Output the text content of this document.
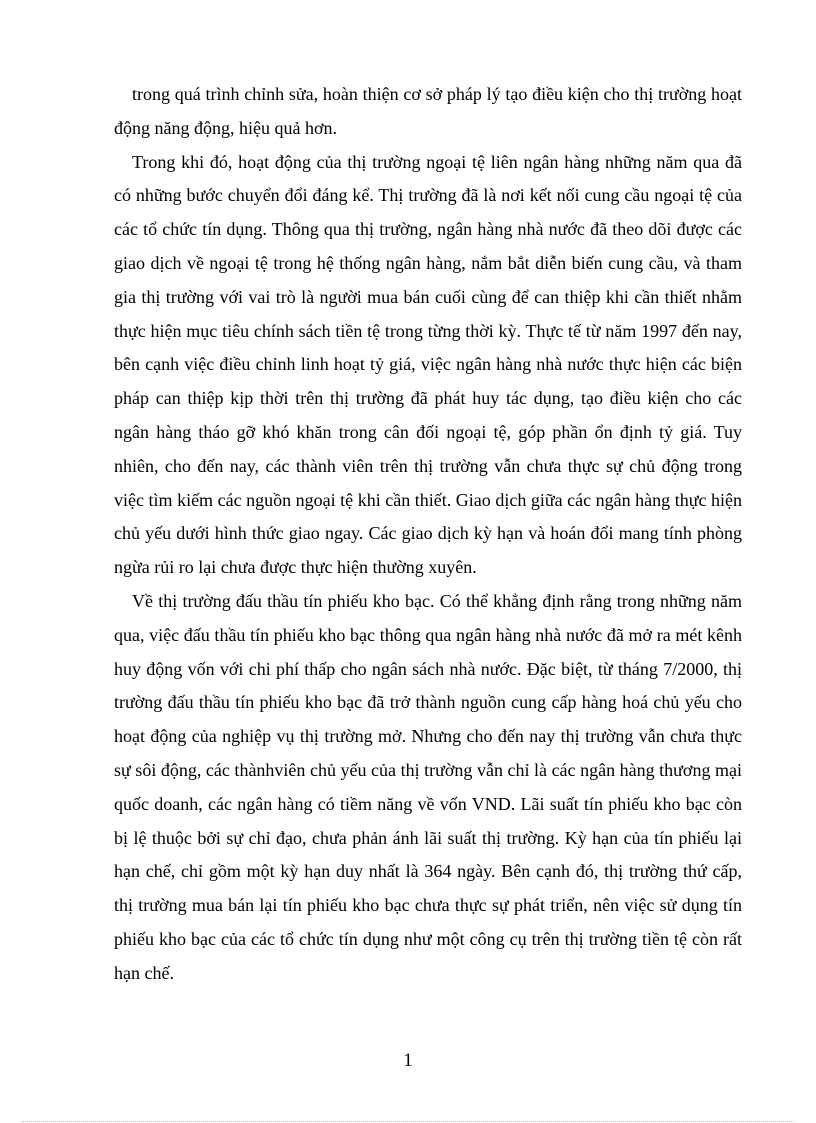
trong quá trình chỉnh sửa, hoàn thiện cơ sở pháp lý tạo điều kiện cho thị trường hoạt động năng động, hiệu quả hơn.

Trong khi đó, hoạt động của thị trường ngoại tệ liên ngân hàng những năm qua đã có những bước chuyển đổi đáng kể. Thị trường đã là nơi kết nối cung cầu ngoại tệ của các tổ chức tín dụng. Thông qua thị trường, ngân hàng nhà nước đã theo dõi được các giao dịch về ngoại tệ trong hệ thống ngân hàng, nắm bắt diễn biến cung cầu, và tham gia thị trường với vai trò là người mua bán cuối cùng để can thiệp khi cần thiết nhằm thực hiện mục tiêu chính sách tiền tệ trong từng thời kỳ. Thực tế từ năm 1997 đến nay, bên cạnh việc điều chỉnh linh hoạt tỷ giá, việc ngân hàng nhà nước thực hiện các biện pháp can thiệp kịp thời trên thị trường đã phát huy tác dụng, tạo điều kiện cho các ngân hàng tháo gỡ khó khăn trong cân đối ngoại tệ, góp phần ổn định tỷ giá. Tuy nhiên, cho đến nay, các thành viên trên thị trường vẫn chưa thực sự chủ động trong việc tìm kiếm các nguồn ngoại tệ khi cần thiết. Giao dịch giữa các ngân hàng thực hiện chủ yếu dưới hình thức giao ngay. Các giao dịch kỳ hạn và hoán đổi mang tính phòng ngừa rủi ro lại chưa được thực hiện thường xuyên.

Về thị trường đấu thầu tín phiếu kho bạc. Có thể khẳng định rằng trong những năm qua, việc đấu thầu tín phiếu kho bạc thông qua ngân hàng nhà nước đã mở ra mét kênh huy động vốn với chi phí thấp cho ngân sách nhà nước. Đặc biệt, từ tháng 7/2000, thị trường đấu thầu tín phiếu kho bạc đã trở thành nguồn cung cấp hàng hoá chủ yếu cho hoạt động của nghiệp vụ thị trường mở. Nhưng cho đến nay thị trường vẫn chưa thực sự sôi động, các thànhviên chủ yếu của thị trường vẫn chỉ là các ngân hàng thương mại quốc doanh, các ngân hàng có tiềm năng về vốn VND. Lãi suất tín phiếu kho bạc còn bị lệ thuộc bởi sự chỉ đạo, chưa phản ánh lãi suất thị trường. Kỳ hạn của tín phiếu lại hạn chế, chỉ gồm một kỳ hạn duy nhất là 364 ngày. Bên cạnh đó, thị trường thứ cấp, thị trường mua bán lại tín phiếu kho bạc chưa thực sự phát triển, nên việc sử dụng tín phiếu kho bạc của các tổ chức tín dụng như một công cụ trên thị trường tiền tệ còn rất hạn chế.

1
